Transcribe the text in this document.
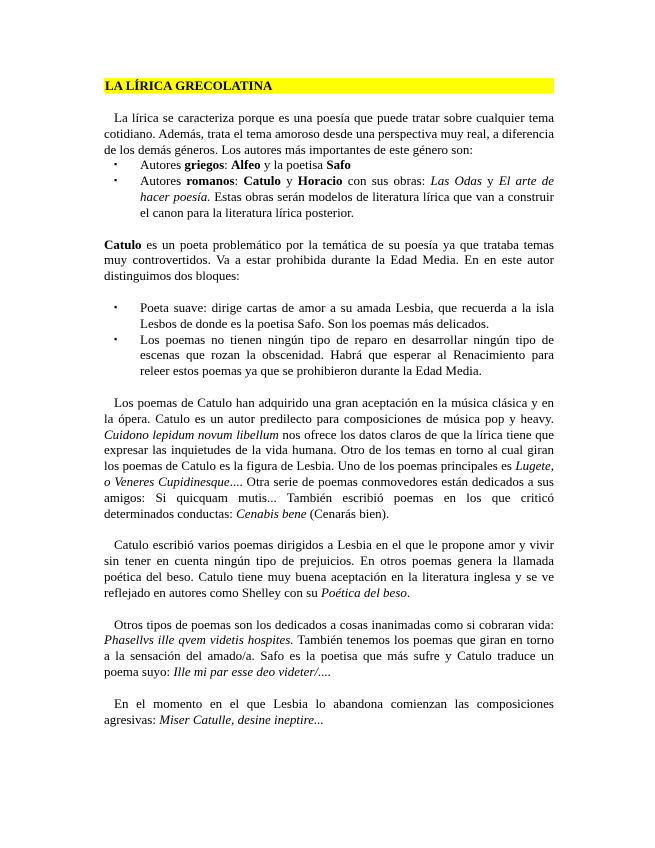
LA LÍRICA GRECOLATINA

La lírica se caracteriza porque es una poesía que puede tratar sobre cualquier tema cotidiano. Además, trata el tema amoroso desde una perspectiva muy real, a diferencia de los demás géneros. Los autores más importantes de este género son:

▪ Autores griegos: Alfeo y la poetisa Safo
▪ Autores romanos: Catulo y Horacio con sus obras: Las Odas y El arte de hacer poesía. Estas obras serán modelos de literatura lírica que van a construir el canon para la literatura lírica posterior.

Catulo es un poeta problemático por la temática de su poesía ya que trataba temas muy controvertidos. Va a estar prohibida durante la Edad Media. En en este autor distinguimos dos bloques:

▪ Poeta suave: dirige cartas de amor a su amada Lesbia, que recuerda a la isla Lesbos de donde es la poetisa Safo. Son los poemas más delicados.
▪ Los poemas no tienen ningún tipo de reparo en desarrollar ningún tipo de escenas que rozan la obscenidad. Habrá que esperar al Renacimiento para releer estos poemas ya que se prohibieron durante la Edad Media.

Los poemas de Catulo han adquirido una gran aceptación en la música clásica y en la ópera. Catulo es un autor predilecto para composiciones de música pop y heavy. Cuidono lepidum novum libellum nos ofrece los datos claros de que la lírica tiene que expresar las inquietudes de la vida humana. Otro de los temas en torno al cual giran los poemas de Catulo es la figura de Lesbia. Uno de los poemas principales es Lugete, o Veneres Cupidinesque.... Otra serie de poemas conmovedores están dedicados a sus amigos: Si quicquam mutis... También escribió poemas en los que criticó determinados conductas: Cenabis bene (Cenarás bien).

Catulo escribió varios poemas dirigidos a Lesbia en el que le propone amor y vivir sin tener en cuenta ningún tipo de prejuicios. En otros poemas genera la llamada poética del beso. Catulo tiene muy buena aceptación en la literatura inglesa y se ve reflejado en autores como Shelley con su Poética del beso.

Otros tipos de poemas son los dedicados a cosas inanimadas como si cobraran vida: Phasellvs ille qvem videtis hospites. También tenemos los poemas que giran en torno a la sensación del amado/a. Safo es la poetisa que más sufre y Catulo traduce un poema suyo: Ille mi par esse deo videter/....

En el momento en el que Lesbia lo abandona comienzan las composiciones agresivas: Miser Catulle, desine ineptire...
